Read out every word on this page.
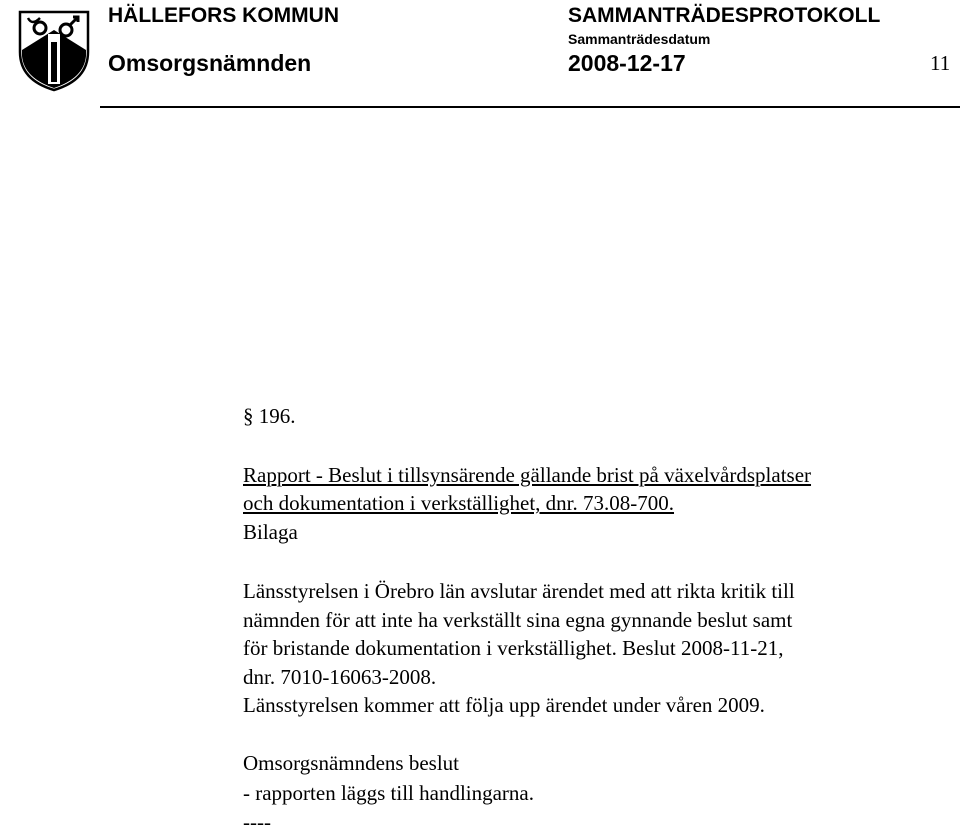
HÄLLEFORS KOMMUN	SAMMANTRÄDESPROTOKOLL
Sammanträdesdatum
Omsorgsnämnden	2008-12-17	11
§ 196.
Rapport - Beslut i tillsynsärende gällande brist på växelvårdsplatser
och dokumentation i verkställighet, dnr. 73.08-700.
Bilaga
Länsstyrelsen i Örebro län avslutar ärendet med att rikta kritik till
nämnden för att inte ha verkställt sina egna gynnande beslut samt
för bristande dokumentation i verkställighet. Beslut 2008-11-21,
dnr. 7010-16063-2008.
Länsstyrelsen kommer att följa upp ärendet under våren 2009.
Omsorgsnämndens beslut
- rapporten läggs till handlingarna.
----
